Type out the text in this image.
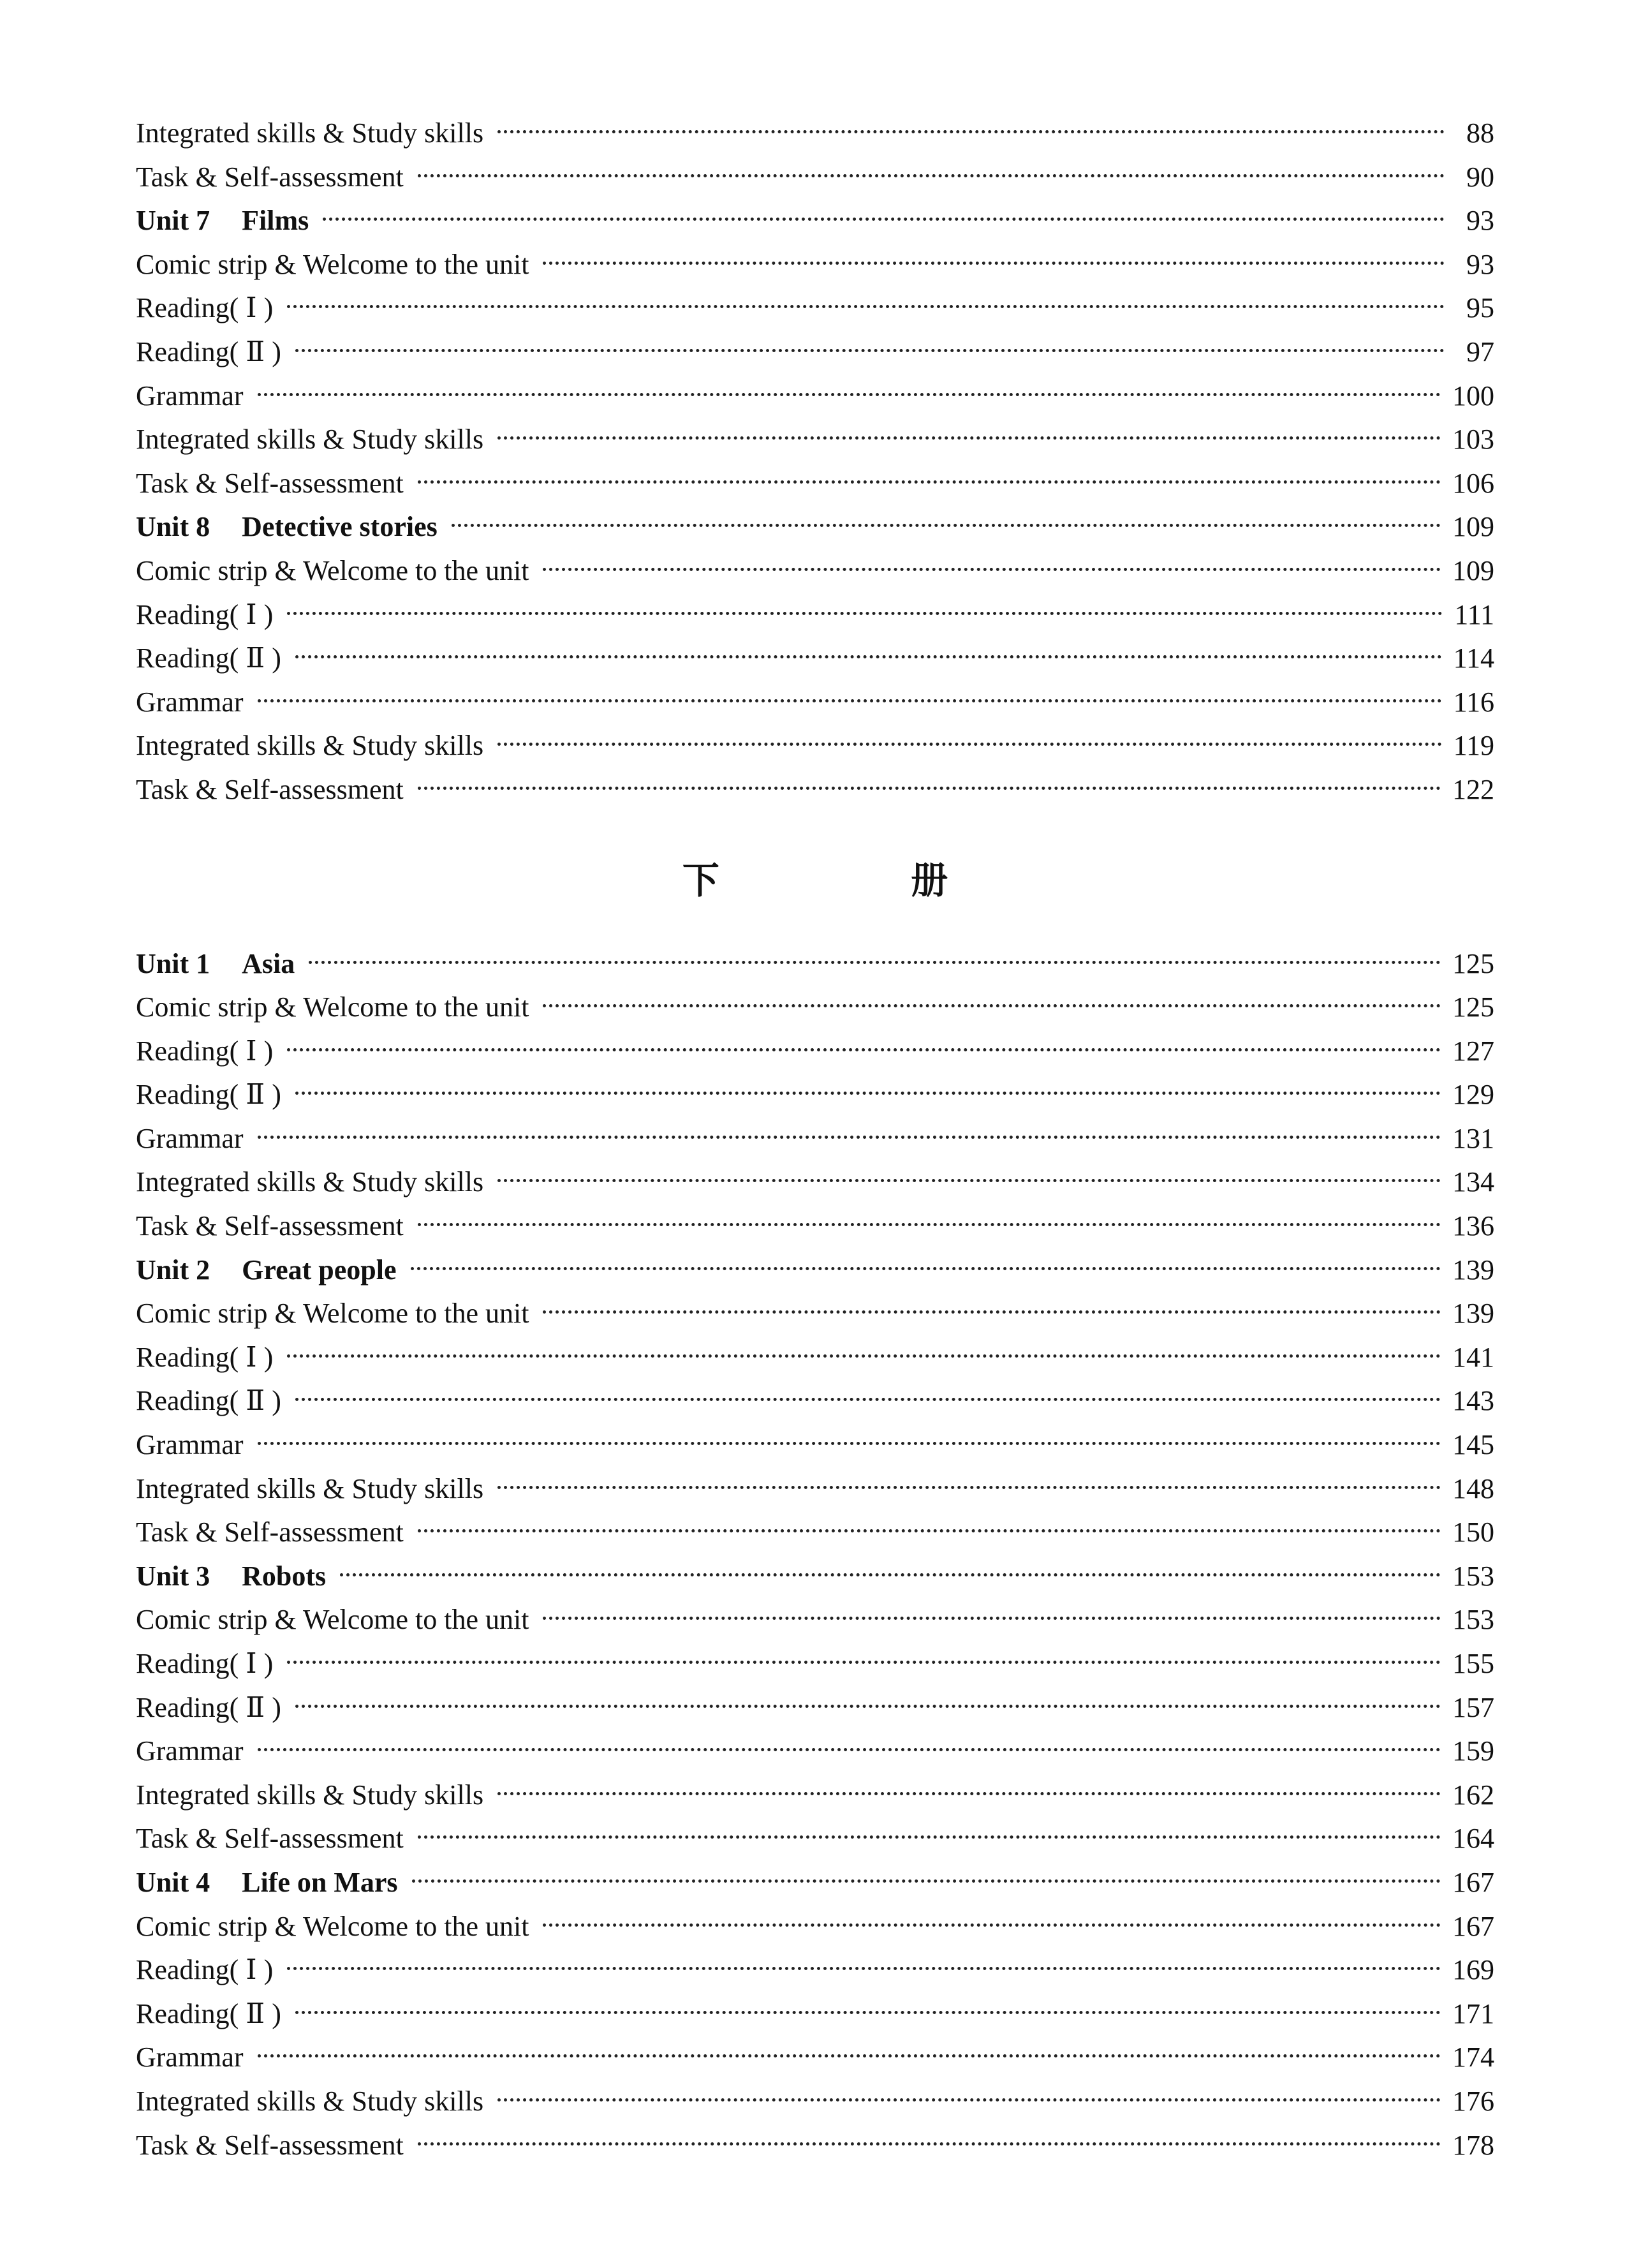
Integrated skills & Study skills	88
Task & Self-assessment	90
Unit 7 Films	93
Comic strip & Welcome to the unit	93
Reading( Ⅰ )	95
Reading( Ⅱ )	97
Grammar	100
Integrated skills & Study skills	103
Task & Self-assessment	106
Unit 8 Detective stories	109
Comic strip & Welcome to the unit	109
Reading( Ⅰ )	111
Reading( Ⅱ )	114
Grammar	116
Integrated skills & Study skills	119
Task & Self-assessment	122
下 册
Unit 1 Asia	125
Comic strip & Welcome to the unit	125
Reading( Ⅰ )	127
Reading( Ⅱ )	129
Grammar	131
Integrated skills & Study skills	134
Task & Self-assessment	136
Unit 2 Great people	139
Comic strip & Welcome to the unit	139
Reading( Ⅰ )	141
Reading( Ⅱ )	143
Grammar	145
Integrated skills & Study skills	148
Task & Self-assessment	150
Unit 3 Robots	153
Comic strip & Welcome to the unit	153
Reading( Ⅰ )	155
Reading( Ⅱ )	157
Grammar	159
Integrated skills & Study skills	162
Task & Self-assessment	164
Unit 4 Life on Mars	167
Comic strip & Welcome to the unit	167
Reading( Ⅰ )	169
Reading( Ⅱ )	171
Grammar	174
Integrated skills & Study skills	176
Task & Self-assessment	178
